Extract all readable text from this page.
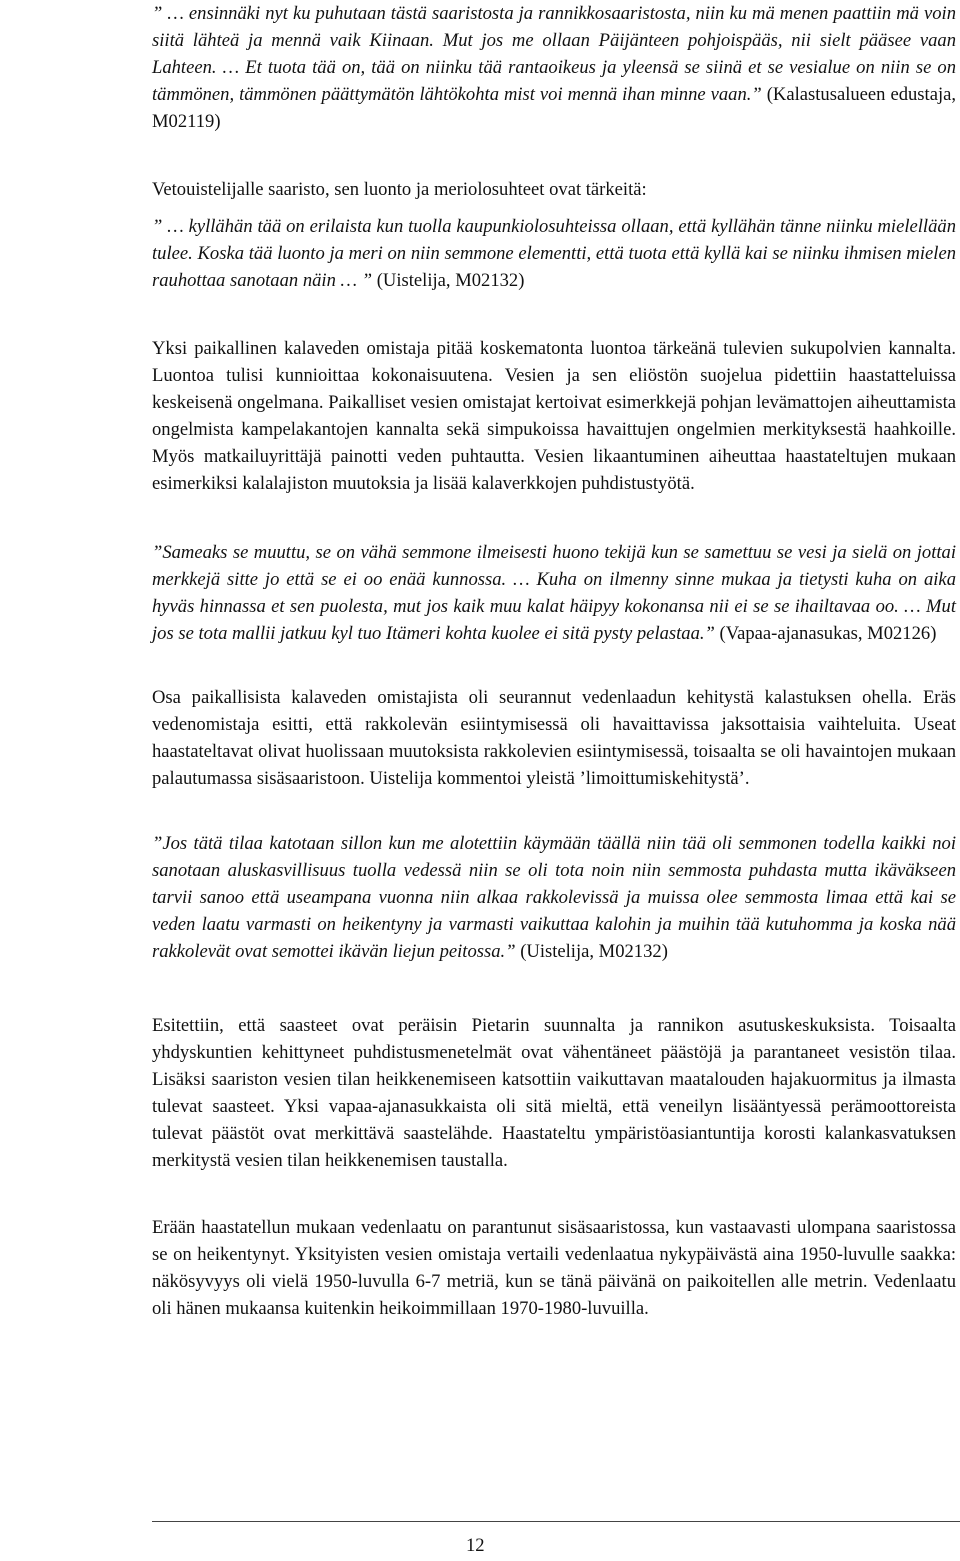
” … ensinnäki nyt ku puhutaan tästä saaristosta ja rannikkosaaristosta, niin ku mä menen paattiin mä voin siitä lähteä ja mennä vaik Kiinaan. Mut jos me ollaan Päijänteen pohjoispääs, nii sielt pääsee vaan Lahteen. … Et tuota tää on, tää on niinku tää rantaoikeus ja yleensä se siinä et se vesialue on niin se on tämmönen, tämmönen päättymätön lähtökohta mist voi mennä ihan minne vaan.” (Kalastusalueen edustaja, M02119)

Vetouistelijalle saaristo, sen luonto ja meriolosuhteet ovat tärkeitä:

” … kyllähän tää on erilaista kun tuolla kaupunkiolosuhteissa ollaan, että kyllähän tänne niinku mielellään tulee. Koska tää luonto ja meri on niin semmone elementti, että tuota että kyllä kai se niinku ihmisen mielen rauhottaa sanotaan näin … ” (Uistelija, M02132)

Yksi paikallinen kalaveden omistaja pitää koskematonta luontoa tärkeänä tulevien sukupolvien kannalta. Luontoa tulisi kunnioittaa kokonaisuutena. Vesien ja sen eliöstön suojelua pidettiin haastatteluissa keskeisenä ongelmana. Paikalliset vesien omistajat kertoivat esimerkkejä pohjan levämattojen aiheuttamista ongelmista kampelakantojen kannalta sekä simpukoissa havaittujen ongelmien merkityksestä haahkoille. Myös matkailuyrittäjä painotti veden puhtautta. Vesien likaantuminen aiheuttaa haastateltujen mukaan esimerkiksi kalalajiston muutoksia ja lisää kalaverkkojen puhdistustyötä.

”Sameaks se muuttu, se on vähä semmone ilmeisesti huono tekijä kun se samettuu se vesi ja sielä on jottai merkkejä sitte jo että se ei oo enää kunnossa. … Kuha on ilmenny sinne mukaa ja tietysti kuha on aika hyväs hinnassa et sen puolesta, mut jos kaik muu kalat häipyy kokonansa nii ei se se ihailtavaa oo. … Mut jos se tota mallii jatkuu kyl tuo Itämeri kohta kuolee ei sitä pysty pelastaa.” (Vapaa-ajanasukas, M02126)

Osa paikallisista kalaveden omistajista oli seurannut vedenlaadun kehitystä kalastuksen ohella. Eräs vedenomistaja esitti, että rakkolevän esiintymisessä oli havaittavissa jaksottaisia vaihteluita. Useat haastateltavat olivat huolissaan muutoksista rakkolevien esiintymisessä, toisaalta se oli havaintojen mukaan palautumassa sisäsaaristoon. Uistelija kommentoi yleistä ’limoittumiskehitystä’.

”Jos tätä tilaa katotaan sillon kun me alotettiin käymään täällä niin tää oli semmonen todella kaikki noi sanotaan aluskasvillisuus tuolla vedessä niin se oli tota noin niin semmosta puhdasta mutta ikäväkseen tarvii sanoo että useampana vuonna niin alkaa rakkolevissä ja muissa olee semmosta limaa että kai se veden laatu varmasti on heikentyny ja varmasti vaikuttaa kalohin ja muihin tää kutuhomma ja koska nää rakkolevät ovat semottei ikävän liejun peitossa.” (Uistelija, M02132)

Esitettiin, että saasteet ovat peräisin Pietarin suunnalta ja rannikon asutuskeskuksista. Toisaalta yhdyskuntien kehittyneet puhdistusmenetelmät ovat vähentäneet päästöjä ja parantaneet vesistön tilaa. Lisäksi saariston vesien tilan heikkenemiseen katsottiin vaikuttavan maatalouden hajakuormitus ja ilmasta tulevat saasteet. Yksi vapaa-ajanasukkaista oli sitä mieltä, että veneilyn lisääntyessä perämoottoreista tulevat päästöt ovat merkittävä saastelähde. Haastateltu ympäristöasiantuntija korosti kalankasvatuksen merkitystä vesien tilan heikkenemisen taustalla.

Erään haastatellun mukaan vedenlaatu on parantunut sisäsaaristossa, kun vastaavasti ulompana saaristossa se on heikentynyt. Yksityisten vesien omistaja vertaili vedenlaatua nykypäivästä aina 1950-luvulle saakka: näkösyvyys oli vielä 1950-luvulla 6-7 metriä, kun se tänä päivänä on paikoitellen alle metrin. Vedenlaatu oli hänen mukaansa kuitenkin heikoimmillaan 1970-1980-luvuilla.

12
